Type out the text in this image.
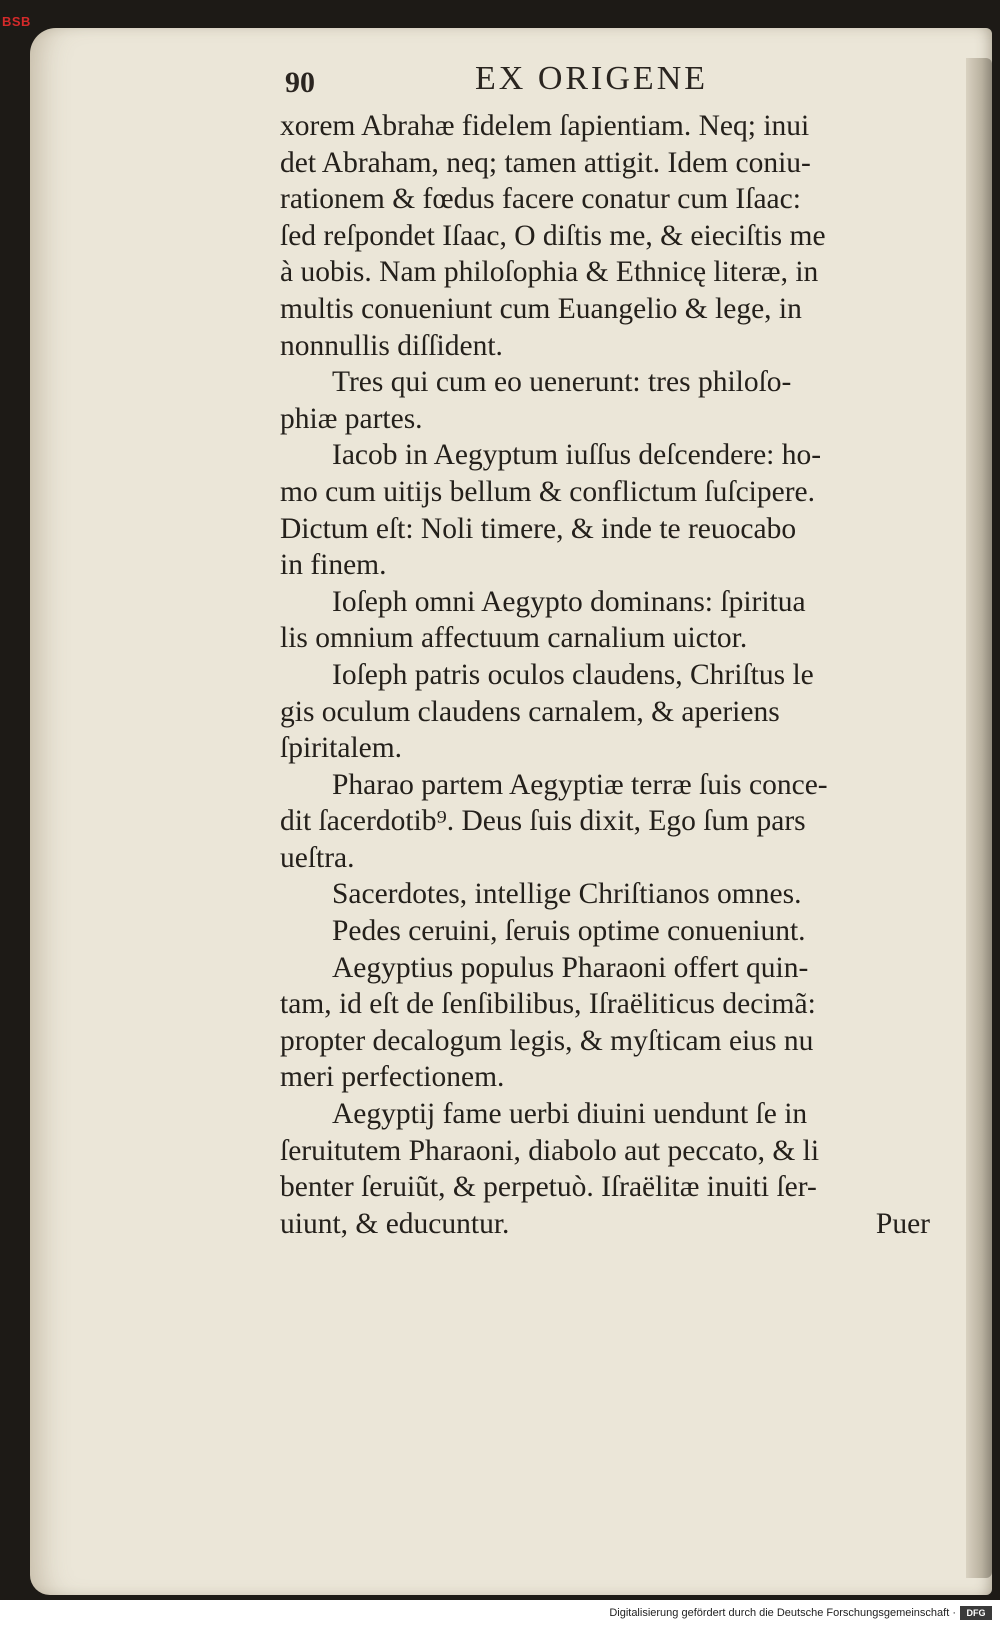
BSB
90	EX ORIGENE
xorem Abrahæ fidelem ſapientiam. Neq; inui
det Abraham, neq; tamen attigit. Idem coniu-
rationem & fœdus facere conatur cum Iſaac:
ſed reſpondet Iſaac, O diſtis me, & eieciſtis me
à uobis. Nam philoſophia & Ethnicę literæ, in
multis conueniunt cum Euangelio & lege, in
nonnullis diſſident.
Tres qui cum eo uenerunt: tres philoſo-
phiæ partes.
Iacob in Aegyptum iuſſus deſcendere: ho-
mo cum uitijs bellum & conflictum ſuſcipere.
Dictum eſt: Noli timere, & inde te reuocabo
in finem.
Ioſeph omni Aegypto dominans: ſpiritua
lis omnium affectuum carnalium uictor.
Ioſeph patris oculos claudens, Chriſtus le
gis oculum claudens carnalem, & aperiens
ſpiritalem.
Pharao partem Aegyptiæ terræ ſuis conce-
dit ſacerdotib⁹. Deus ſuis dixit, Ego ſum pars
ueſtra.
Sacerdotes, intellige Chriſtianos omnes.
Pedes ceruini, ſeruis optime conueniunt.
Aegyptius populus Pharaoni offert quin-
tam, id eſt de ſenſibilibus, Iſraëliticus decimã:
propter decalogum legis, & myſticam eius nu
meri perfectionem.
Aegyptij fame uerbi diuini uendunt ſe in
ſeruitutem Pharaoni, diabolo aut peccato, & li
benter ſeruiũt, & perpetuò. Iſraëlitæ inuiti ſer-
uiunt, & educuntur.	Puer
Digitalisierung gefördert durch die Deutsche Forschungsgemeinschaft ·	DFG
